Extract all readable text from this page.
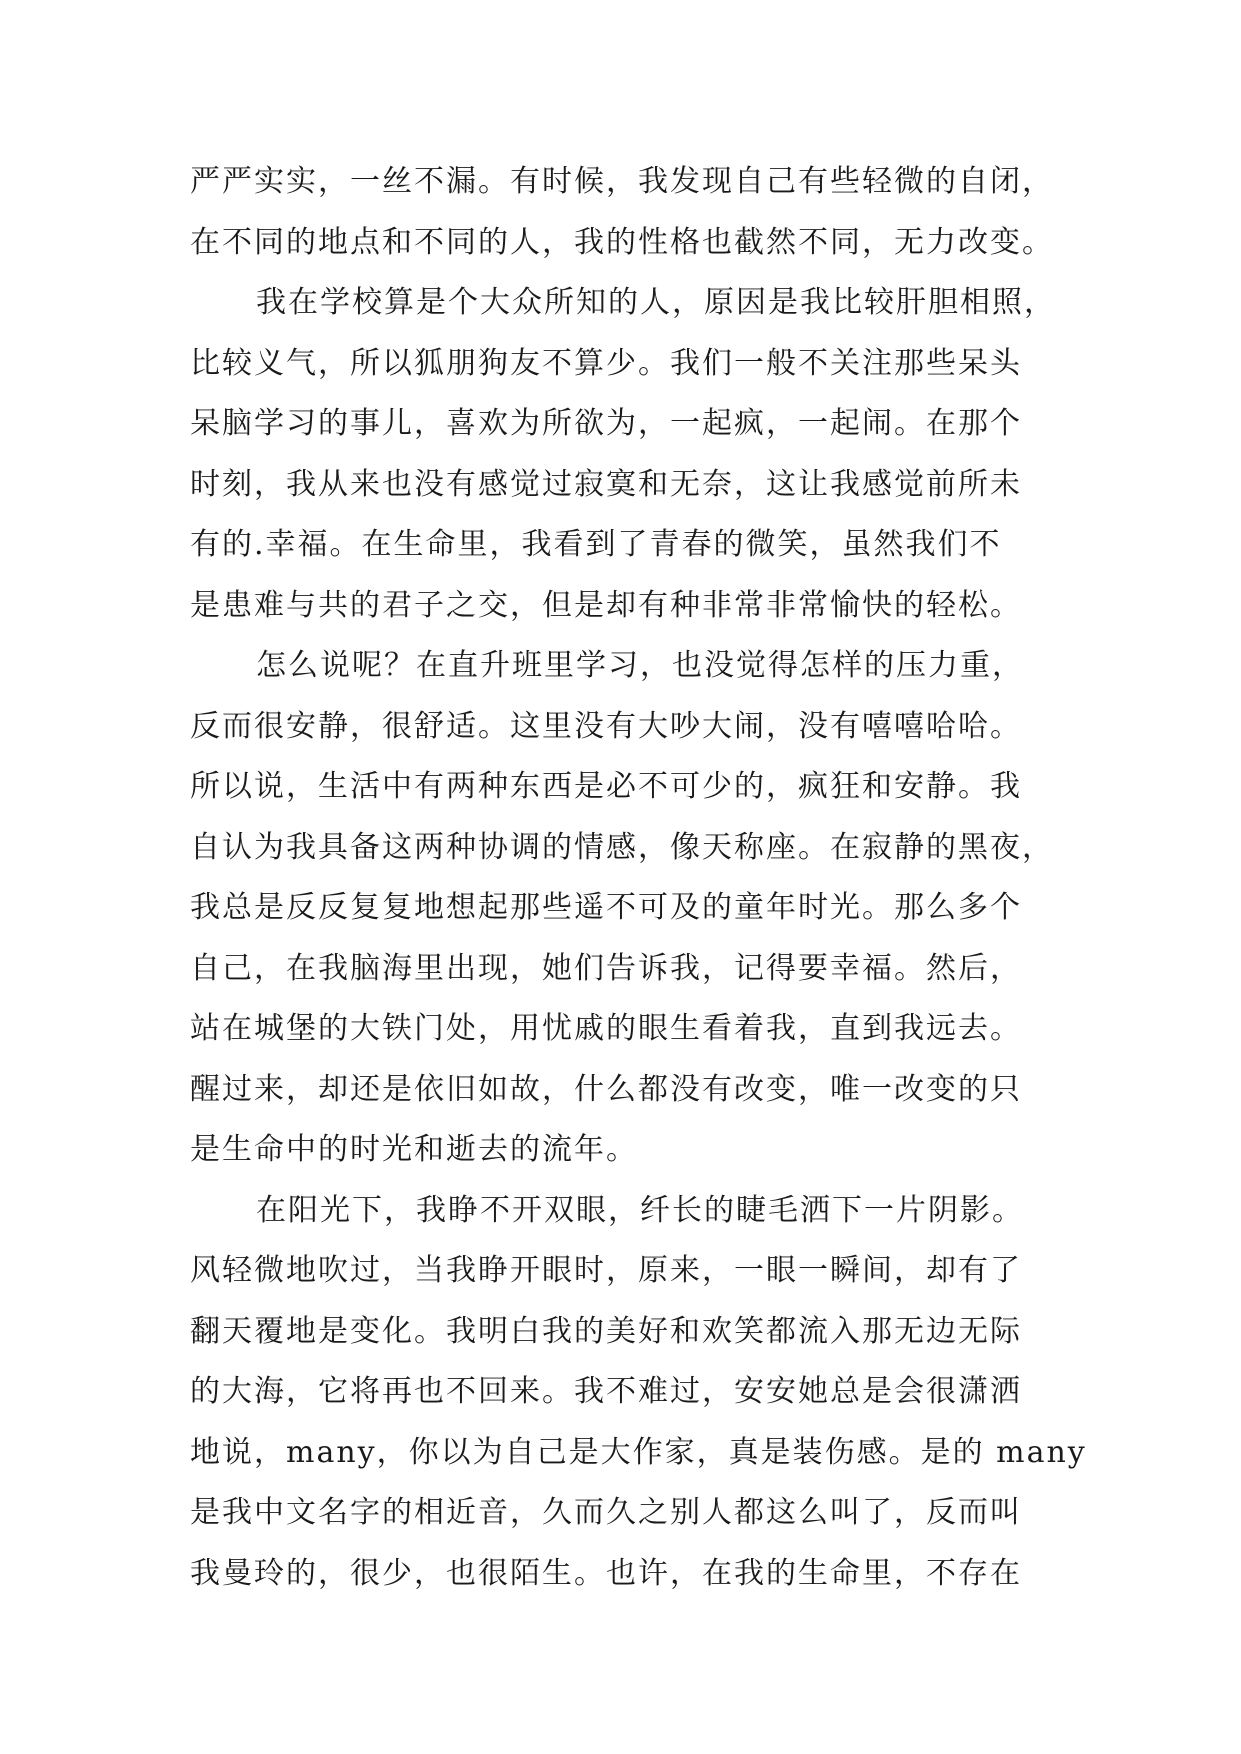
严严实实，一丝不漏。有时候，我发现自己有些轻微的自闭，
在不同的地点和不同的人，我的性格也截然不同，无力改变。
我在学校算是个大众所知的人，原因是我比较肝胆相照，
比较义气，所以狐朋狗友不算少。我们一般不关注那些呆头
呆脑学习的事儿，喜欢为所欲为，一起疯，一起闹。在那个
时刻，我从来也没有感觉过寂寞和无奈，这让我感觉前所未
有的.幸福。在生命里，我看到了青春的微笑，虽然我们不
是患难与共的君子之交，但是却有种非常非常愉快的轻松。
怎么说呢？在直升班里学习，也没觉得怎样的压力重，
反而很安静，很舒适。这里没有大吵大闹，没有嘻嘻哈哈。
所以说，生活中有两种东西是必不可少的，疯狂和安静。我
自认为我具备这两种协调的情感，像天称座。在寂静的黑夜，
我总是反反复复地想起那些遥不可及的童年时光。那么多个
自己，在我脑海里出现，她们告诉我，记得要幸福。然后，
站在城堡的大铁门处，用忧戚的眼生看着我，直到我远去。
醒过来，却还是依旧如故，什么都没有改变，唯一改变的只
是生命中的时光和逝去的流年。
在阳光下，我睁不开双眼，纤长的睫毛洒下一片阴影。
风轻微地吹过，当我睁开眼时，原来，一眼一瞬间，却有了
翻天覆地是变化。我明白我的美好和欢笑都流入那无边无际
的大海，它将再也不回来。我不难过，安安她总是会很潇洒
地说，many，你以为自己是大作家，真是装伤感。是的 many
是我中文名字的相近音，久而久之别人都这么叫了，反而叫
我曼玲的，很少，也很陌生。也许，在我的生命里，不存在
